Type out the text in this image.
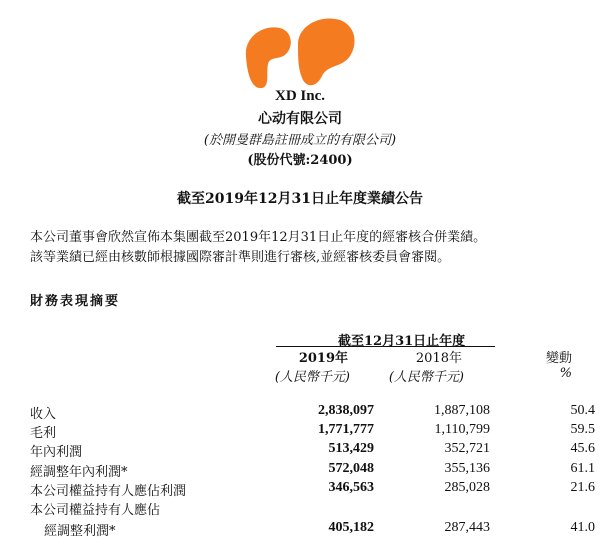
XD Inc.
心动有限公司
(於開曼群島註冊成立的有限公司)
(股份代號:2400)
截至2019年12月31日止年度業績公告
本公司董事會欣然宣佈本集團截至2019年12月31日止年度的經審核合併業績。
該等業績已經由核數師根據國際審計準則進行審核,並經審核委員會審閱。
財務表現摘要
截至12月31日止年度
2019年	2018年	變動
(人民幣千元)	(人民幣千元)	%
收入	2,838,097	1,887,108	50.4
毛利	1,771,777	1,110,799	59.5
年內利潤	513,429	352,721	45.6
經調整年內利潤*	572,048	355,136	61.1
本公司權益持有人應佔利潤	346,563	285,028	21.6
本公司權益持有人應佔
經調整利潤*	405,182	287,443	41.0
